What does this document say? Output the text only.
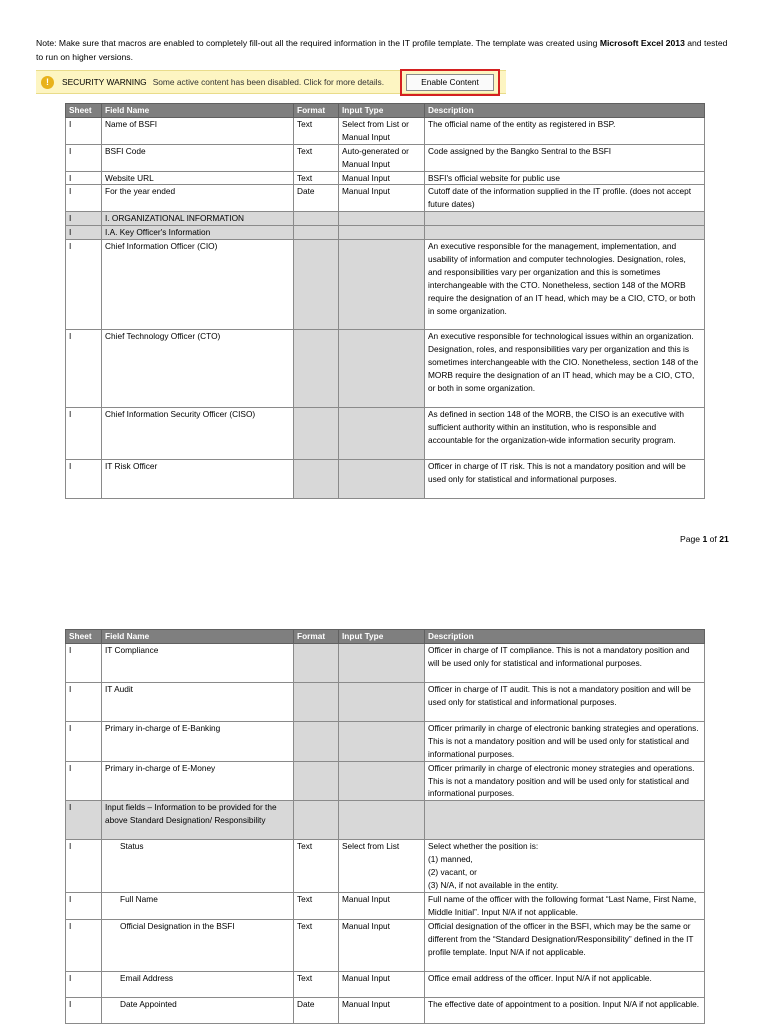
Note: Make sure that macros are enabled to completely fill-out all the required information in the IT profile template. The template was created using Microsoft Excel 2013 and tested to run on higher versions.
!	SECURITY WARNING Some active content has been disabled. Click for more details.	Enable Content
Sheet	Field Name	Format	Input Type	Description
I	Name of BSFI	Text	Select from List or Manual Input	The official name of the entity as registered in BSP.
I	BSFI Code	Text	Auto-generated or Manual Input	Code assigned by the Bangko Sentral to the BSFI
I	Website URL	Text	Manual Input	BSFI's official website for public use
I	For the year ended	Date	Manual Input	Cutoff date of the information supplied in the IT profile. (does not accept future dates)
I	I. ORGANIZATIONAL INFORMATION			
I	I.A. Key Officer's Information			
I	Chief Information Officer (CIO)			An executive responsible for the management, implementation, and usability of information and computer technologies. Designation, roles, and responsibilities vary per organization and this is sometimes interchangeable with the CTO. Nonetheless, section 148 of the MORB require the designation of an IT head, which may be a CIO, CTO, or both in some organization.
I	Chief Technology Officer (CTO)			An executive responsible for technological issues within an organization. Designation, roles, and responsibilities vary per organization and this is sometimes interchangeable with the CIO. Nonetheless, section 148 of the MORB require the designation of an IT head, which may be a CIO, CTO, or both in some organization.
I	Chief Information Security Officer (CISO)			As defined in section 148 of the MORB, the CISO is an executive with sufficient authority within an institution, who is responsible and accountable for the organization-wide information security program.
I	IT Risk Officer			Officer in charge of IT risk. This is not a mandatory position and will be used only for statistical and informational purposes.
Page 1 of 21
Sheet	Field Name	Format	Input Type	Description
I	IT Compliance			Officer in charge of IT compliance. This is not a mandatory position and will be used only for statistical and informational purposes.
I	IT Audit			Officer in charge of IT audit. This is not a mandatory position and will be used only for statistical and informational purposes.
I	Primary in-charge of E-Banking			Officer primarily in charge of electronic banking strategies and operations. This is not a mandatory position and will be used only for statistical and informational purposes.
I	Primary in-charge of E-Money			Officer primarily in charge of electronic money strategies and operations. This is not a mandatory position and will be used only for statistical and informational purposes.
I	Input fields – Information to be provided for the above Standard Designation/ Responsibility			
I	Status	Text	Select from List	Select whether the position is:
(1) manned,
(2) vacant, or
(3) N/A, if not available in the entity.
I	Full Name	Text	Manual Input	Full name of the officer with the following format “Last Name, First Name, Middle Initial”. Input N/A if not applicable.
I	Official Designation in the BSFI	Text	Manual Input	Official designation of the officer in the BSFI, which may be the same or different from the “Standard Designation/Responsibility” defined in the IT profile template. Input N/A if not applicable.
I	Email Address	Text	Manual Input	Office email address of the officer. Input N/A if not applicable.
I	Date Appointed	Date	Manual Input	The effective date of appointment to a position. Input N/A if not applicable.
